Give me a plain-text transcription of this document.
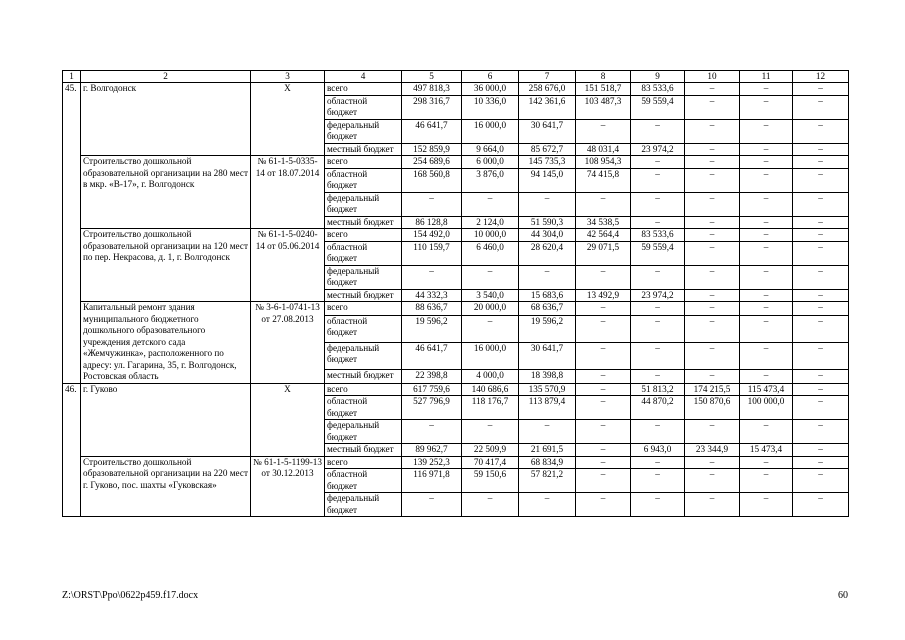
1	2	3	4	5	6	7	8	9	10	11	12
45.	г. Волгодонск	Х	всего	497 818,3	36 000,0	258 676,0	151 518,7	83 533,6	–	–	–
			областной бюджет	298 316,7	10 336,0	142 361,6	103 487,3	59 559,4	–	–	–
			федеральный бюджет	46 641,7	16 000,0	30 641,7	–	–	–	–	–
			местный бюджет	152 859,9	9 664,0	85 672,7	48 031,4	23 974,2	–	–	–
	Строительство дошкольной образовательной организации на 280 мест в мкр. «В-17», г. Волгодонск	№ 61-1-5-0335-14 от 18.07.2014	всего	254 689,6	6 000,0	145 735,3	108 954,3	–	–	–	–
			областной бюджет	168 560,8	3 876,0	94 145,0	74 415,8	–	–	–	–
			федеральный бюджет	–	–	–	–	–	–	–	–
			местный бюджет	86 128,8	2 124,0	51 590,3	34 538,5	–	–	–	–
	Строительство дошкольной образовательной организации на 120 мест по пер. Некрасова, д. 1, г. Волгодонск	№ 61-1-5-0240-14 от 05.06.2014	всего	154 492,0	10 000,0	44 304,0	42 564,4	83 533,6	–	–	–
			областной бюджет	110 159,7	6 460,0	28 620,4	29 071,5	59 559,4	–	–	–
			федеральный бюджет	–	–	–	–	–	–	–	–
			местный бюджет	44 332,3	3 540,0	15 683,6	13 492,9	23 974,2	–	–	–
	Капитальный ремонт здания муниципального бюджетного дошкольного образовательного учреждения детского сада «Жемчужинка», расположенного по адресу: ул. Гагарина, 35, г. Волгодонск, Ростовская область	№ 3-6-1-0741-13 от 27.08.2013	всего	88 636,7	20 000,0	68 636,7	–	–	–	–	–
			областной бюджет	19 596,2	–	19 596,2	–	–	–	–	–
			федеральный бюджет	46 641,7	16 000,0	30 641,7	–	–	–	–	–
			местный бюджет	22 398,8	4 000,0	18 398,8	–	–	–	–	–
46.	г. Гуково	Х	всего	617 759,6	140 686,6	135 570,9	–	51 813,2	174 215,5	115 473,4	–
			областной бюджет	527 796,9	118 176,7	113 879,4	–	44 870,2	150 870,6	100 000,0	–
			федеральный бюджет	–	–	–	–	–	–	–	–
			местный бюджет	89 962,7	22 509,9	21 691,5	–	6 943,0	23 344,9	15 473,4	–
	Строительство дошкольной образовательной организации на 220 мест г. Гуково, пос. шахты «Гуковская»	№ 61-1-5-1199-13 от 30.12.2013	всего	139 252,3	70 417,4	68 834,9	–	–	–	–	–
			областной бюджет	116 971,8	59 150,6	57 821,2	–	–	–	–	–
			федеральный бюджет	–	–	–	–	–	–	–	–
Z:\ORST\Ppo\0622p459.f17.docx	60
